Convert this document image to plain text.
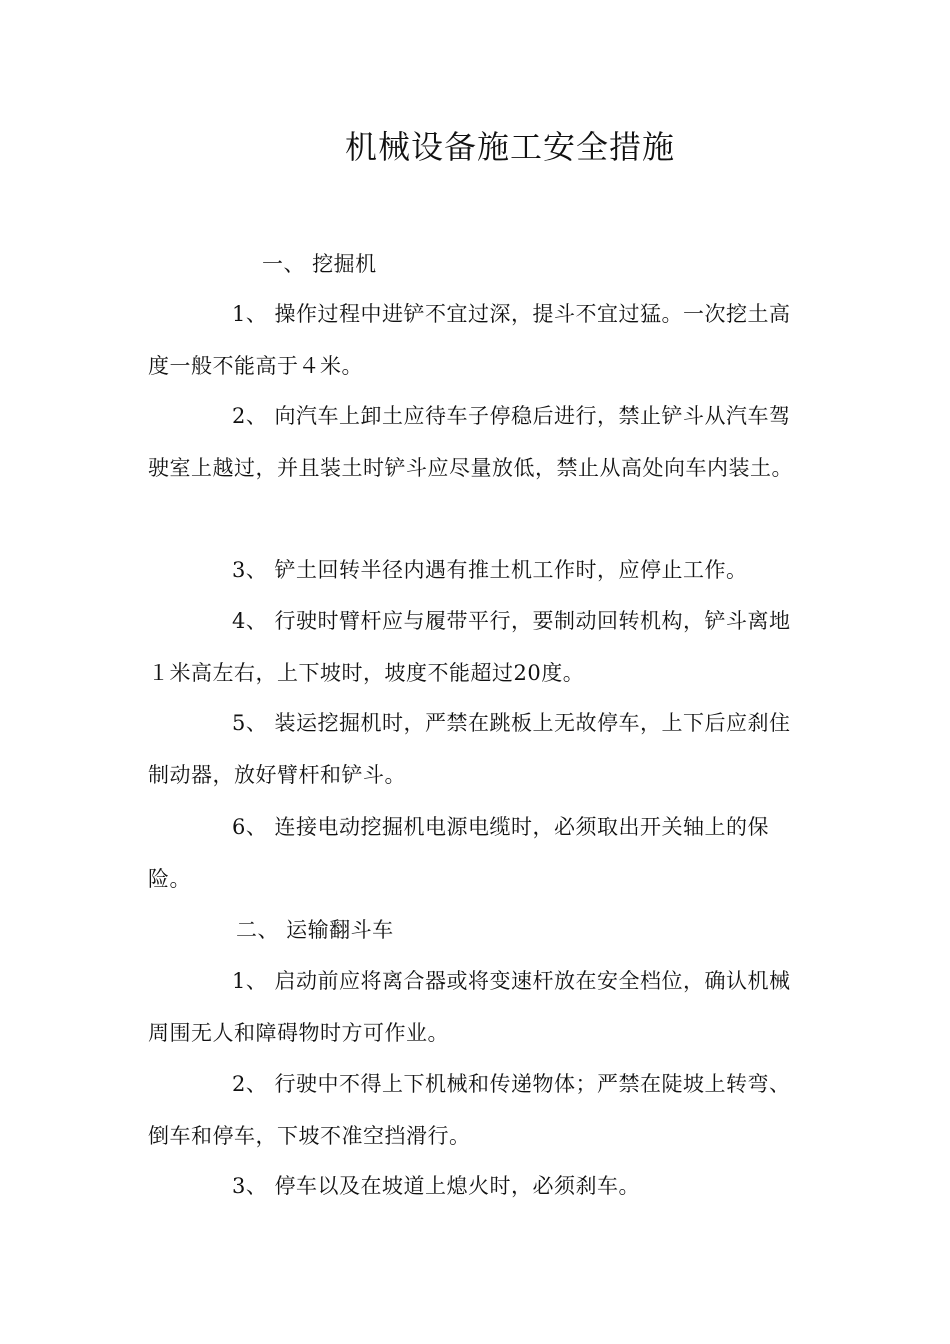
机械设备施工安全措施
一、 挖掘机
1、 操作过程中进铲不宜过深，提斗不宜过猛。一次挖土高度一般不能高于４米。
2、 向汽车上卸土应待车子停稳后进行，禁止铲斗从汽车驾驶室上越过，并且装土时铲斗应尽量放低，禁止从高处向车内装土。
3、 铲土回转半径内遇有推土机工作时，应停止工作。
4、 行驶时臂杆应与履带平行，要制动回转机构，铲斗离地１米高左右，上下坡时，坡度不能超过20度。
5、 装运挖掘机时，严禁在跳板上无故停车，上下后应刹住制动器，放好臂杆和铲斗。
6、 连接电动挖掘机电源电缆时，必须取出开关轴上的保险。
二、 运输翻斗车
1、 启动前应将离合器或将变速杆放在安全档位，确认机械周围无人和障碍物时方可作业。
2、 行驶中不得上下机械和传递物体；严禁在陡坡上转弯、倒车和停车，下坡不准空挡滑行。
3、 停车以及在坡道上熄火时，必须刹车。
